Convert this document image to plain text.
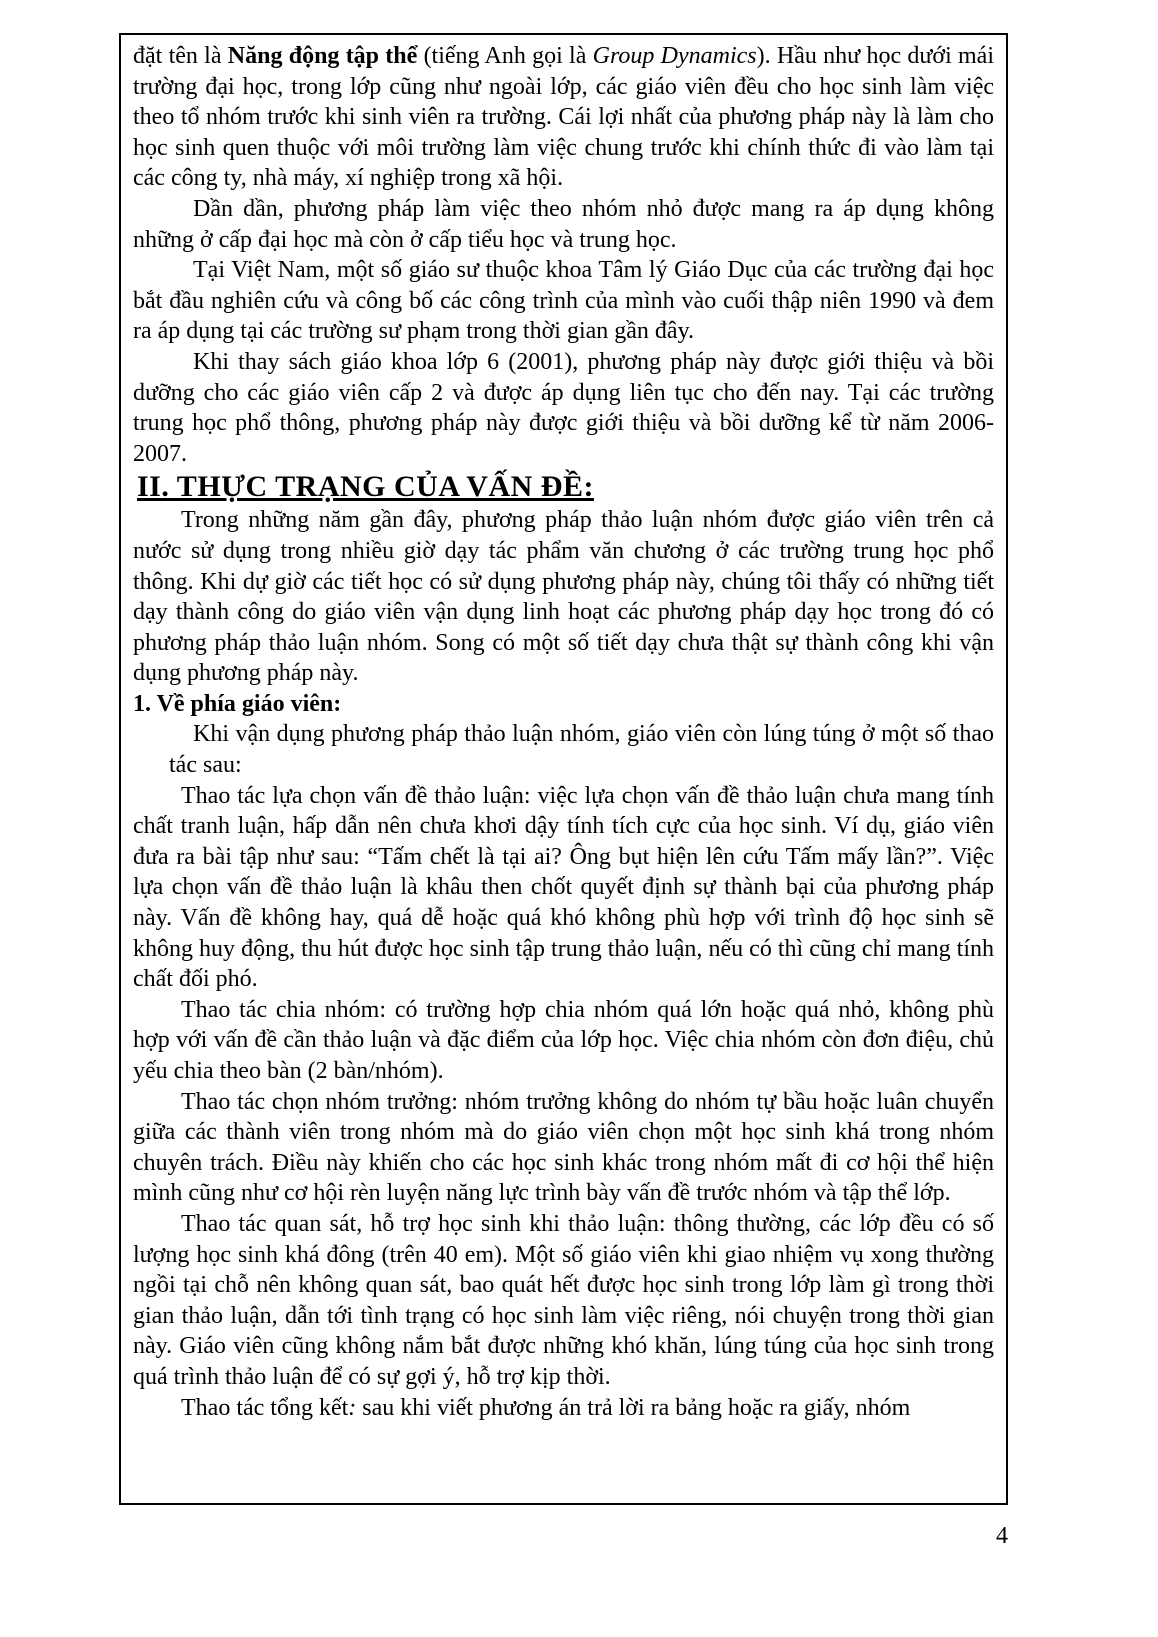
đặt tên là Năng động tập thể (tiếng Anh gọi là Group Dynamics). Hầu như học dưới mái trường đại học, trong lớp cũng như ngoài lớp, các giáo viên đều cho học sinh làm việc theo tổ nhóm trước khi sinh viên ra trường. Cái lợi nhất của phương pháp này là làm cho học sinh quen thuộc với môi trường làm việc chung trước khi chính thức đi vào làm tại các công ty, nhà máy, xí nghiệp trong xã hội.

Dần dần, phương pháp làm việc theo nhóm nhỏ được mang ra áp dụng không những ở cấp đại học mà còn ở cấp tiểu học và trung học.

Tại Việt Nam, một số giáo sư thuộc khoa Tâm lý Giáo Dục của các trường đại học bắt đầu nghiên cứu và công bố các công trình của mình vào cuối thập niên 1990 và đem ra áp dụng tại các trường sư phạm trong thời gian gần đây.

Khi thay sách giáo khoa lớp 6 (2001), phương pháp này được giới thiệu và bồi dưỡng cho các giáo viên cấp 2 và được áp dụng liên tục cho đến nay. Tại các trường trung học phổ thông, phương pháp này được giới thiệu và bồi dưỡng kể từ năm 2006-2007.

II. THỰC TRẠNG CỦA VẤN ĐỀ:

Trong những năm gần đây, phương pháp thảo luận nhóm được giáo viên trên cả nước sử dụng trong nhiều giờ dạy tác phẩm văn chương ở các trường trung học phổ thông. Khi dự giờ các tiết học có sử dụng phương pháp này, chúng tôi thấy có những tiết dạy thành công do giáo viên vận dụng linh hoạt các phương pháp dạy học trong đó có phương pháp thảo luận nhóm. Song có một số tiết dạy chưa thật sự thành công khi vận dụng phương pháp này.

1. Về phía giáo viên:

Khi vận dụng phương pháp thảo luận nhóm, giáo viên còn lúng túng ở một số thao tác sau:

Thao tác lựa chọn vấn đề thảo luận: việc lựa chọn vấn đề thảo luận chưa mang tính chất tranh luận, hấp dẫn nên chưa khơi dậy tính tích cực của học sinh. Ví dụ, giáo viên đưa ra bài tập như sau: “Tấm chết là tại ai? Ông bụt hiện lên cứu Tấm mấy lần?”. Việc lựa chọn vấn đề thảo luận là khâu then chốt quyết định sự thành bại của phương pháp này. Vấn đề không hay, quá dễ hoặc quá khó không phù hợp với trình độ học sinh sẽ không huy động, thu hút được học sinh tập trung thảo luận, nếu có thì cũng chỉ mang tính chất đối phó.

Thao tác chia nhóm: có trường hợp chia nhóm quá lớn hoặc quá nhỏ, không phù hợp với vấn đề cần thảo luận và đặc điểm của lớp học. Việc chia nhóm còn đơn điệu, chủ yếu chia theo bàn (2 bàn/nhóm).

Thao tác chọn nhóm trưởng: nhóm trưởng không do nhóm tự bầu hoặc luân chuyển giữa các thành viên trong nhóm mà do giáo viên chọn một học sinh khá trong nhóm chuyên trách. Điều này khiến cho các học sinh khác trong nhóm mất đi cơ hội thể hiện mình cũng như cơ hội rèn luyện năng lực trình bày vấn đề trước nhóm và tập thể lớp.

Thao tác quan sát, hỗ trợ học sinh khi thảo luận: thông thường, các lớp đều có số lượng học sinh khá đông (trên 40 em). Một số giáo viên khi giao nhiệm vụ xong thường ngồi tại chỗ nên không quan sát, bao quát hết được học sinh trong lớp làm gì trong thời gian thảo luận, dẫn tới tình trạng có học sinh làm việc riêng, nói chuyện trong thời gian này. Giáo viên cũng không nắm bắt được những khó khăn, lúng túng của học sinh trong quá trình thảo luận để có sự gợi ý, hỗ trợ kịp thời.

Thao tác tổng kết: sau khi viết phương án trả lời ra bảng hoặc ra giấy, nhóm

4
